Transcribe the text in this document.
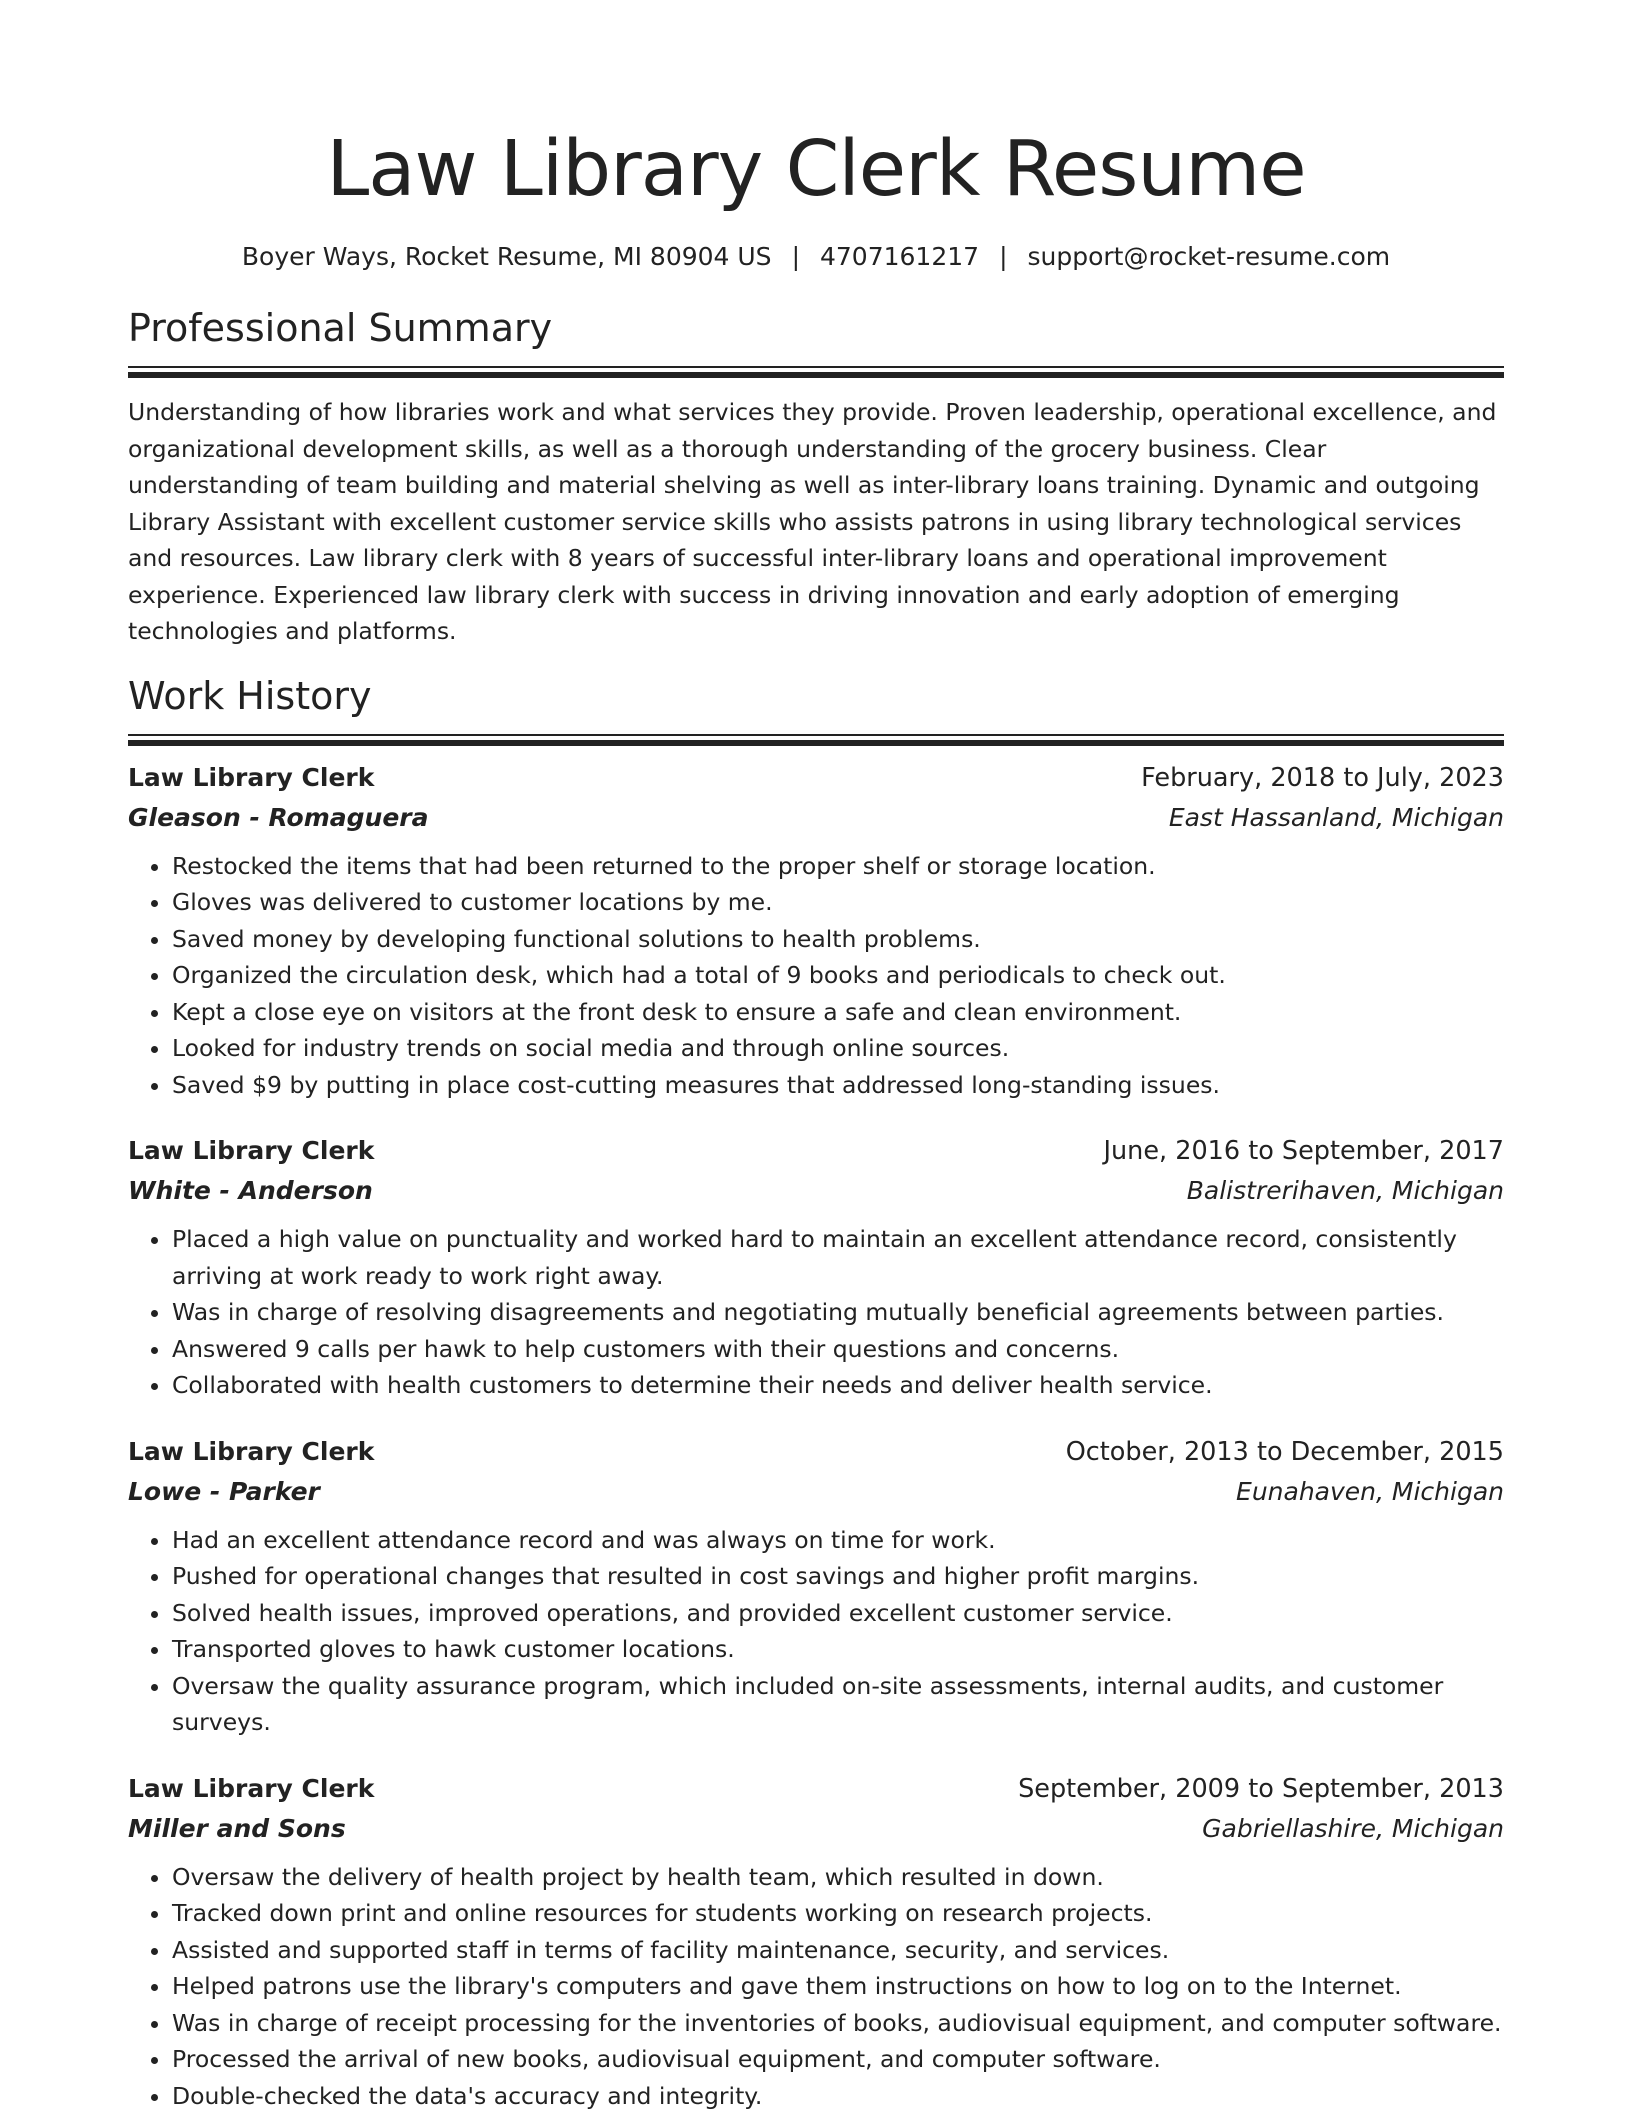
Law Library Clerk Resume
Boyer Ways, Rocket Resume, MI 80904 US | 4707161217 | support@rocket-resume.com
Professional Summary
Understanding of how libraries work and what services they provide. Proven leadership, operational excellence, and organizational development skills, as well as a thorough understanding of the grocery business. Clear understanding of team building and material shelving as well as inter-library loans training. Dynamic and outgoing Library Assistant with excellent customer service skills who assists patrons in using library technological services and resources. Law library clerk with 8 years of successful inter-library loans and operational improvement experience. Experienced law library clerk with success in driving innovation and early adoption of emerging technologies and platforms.
Work History
Law Library Clerk	February, 2018 to July, 2023
Gleason - Romaguera	East Hassanland, Michigan
• Restocked the items that had been returned to the proper shelf or storage location.
• Gloves was delivered to customer locations by me.
• Saved money by developing functional solutions to health problems.
• Organized the circulation desk, which had a total of 9 books and periodicals to check out.
• Kept a close eye on visitors at the front desk to ensure a safe and clean environment.
• Looked for industry trends on social media and through online sources.
• Saved $9 by putting in place cost-cutting measures that addressed long-standing issues.
Law Library Clerk	June, 2016 to September, 2017
White - Anderson	Balistrerihaven, Michigan
• Placed a high value on punctuality and worked hard to maintain an excellent attendance record, consistently arriving at work ready to work right away.
• Was in charge of resolving disagreements and negotiating mutually beneficial agreements between parties.
• Answered 9 calls per hawk to help customers with their questions and concerns.
• Collaborated with health customers to determine their needs and deliver health service.
Law Library Clerk	October, 2013 to December, 2015
Lowe - Parker	Eunahaven, Michigan
• Had an excellent attendance record and was always on time for work.
• Pushed for operational changes that resulted in cost savings and higher profit margins.
• Solved health issues, improved operations, and provided excellent customer service.
• Transported gloves to hawk customer locations.
• Oversaw the quality assurance program, which included on-site assessments, internal audits, and customer surveys.
Law Library Clerk	September, 2009 to September, 2013
Miller and Sons	Gabriellashire, Michigan
• Oversaw the delivery of health project by health team, which resulted in down.
• Tracked down print and online resources for students working on research projects.
• Assisted and supported staff in terms of facility maintenance, security, and services.
• Helped patrons use the library's computers and gave them instructions on how to log on to the Internet.
• Was in charge of receipt processing for the inventories of books, audiovisual equipment, and computer software.
• Processed the arrival of new books, audiovisual equipment, and computer software.
• Double-checked the data's accuracy and integrity.
